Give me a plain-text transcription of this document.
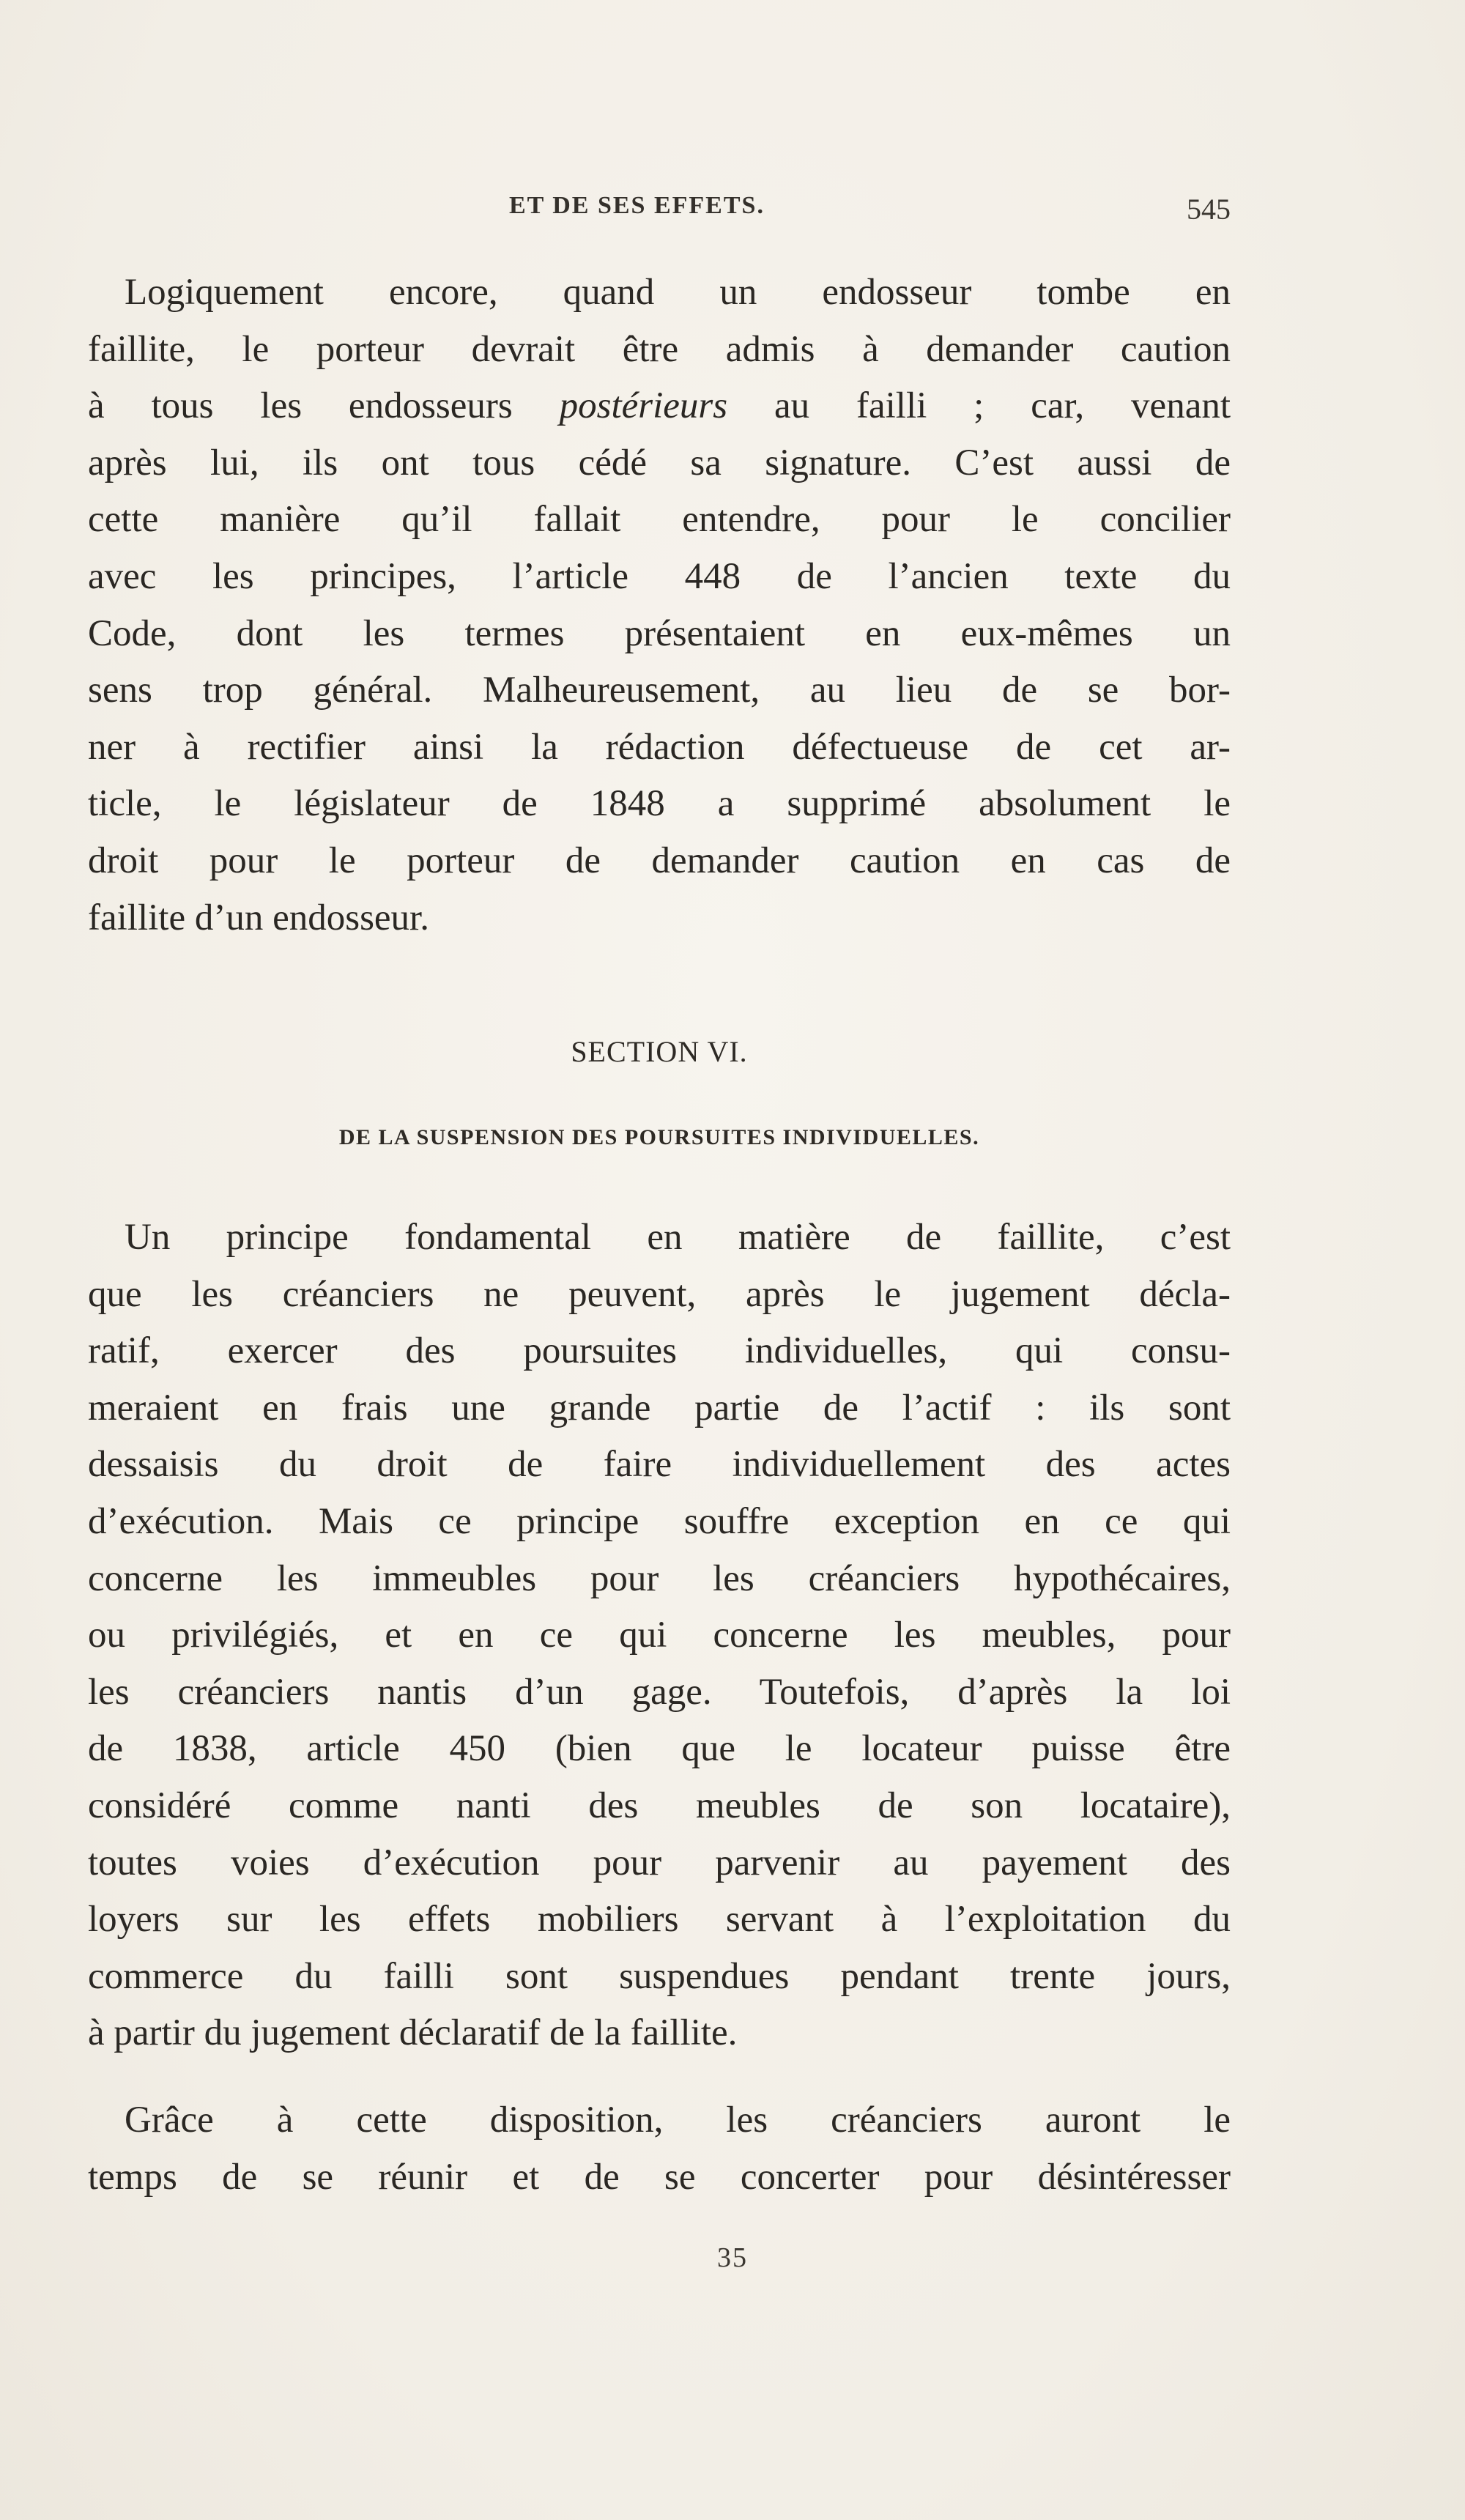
ET DE SES EFFETS.	545
Logiquement encore, quand un endosseur tombe en
faillite, le porteur devrait être admis à demander caution
à tous les endosseurs postérieurs au failli ; car, venant
après lui, ils ont tous cédé sa signature. C’est aussi de
cette manière qu’il fallait entendre, pour le concilier
avec les principes, l’article 448 de l’ancien texte du
Code, dont les termes présentaient en eux-mêmes un
sens trop général. Malheureusement, au lieu de se bor-
ner à rectifier ainsi la rédaction défectueuse de cet ar-
ticle, le législateur de 1848 a supprimé absolument le
droit pour le porteur de demander caution en cas de
faillite d’un endosseur.
SECTION VI.
DE LA SUSPENSION DES POURSUITES INDIVIDUELLES.
Un principe fondamental en matière de faillite, c’est
que les créanciers ne peuvent, après le jugement décla-
ratif, exercer des poursuites individuelles, qui consu-
meraient en frais une grande partie de l’actif : ils sont
dessaisis du droit de faire individuellement des actes
d’exécution. Mais ce principe souffre exception en ce qui
concerne les immeubles pour les créanciers hypothécaires,
ou privilégiés, et en ce qui concerne les meubles, pour
les créanciers nantis d’un gage. Toutefois, d’après la loi
de 1838, article 450 (bien que le locateur puisse être
considéré comme nanti des meubles de son locataire),
toutes voies d’exécution pour parvenir au payement des
loyers sur les effets mobiliers servant à l’exploitation du
commerce du failli sont suspendues pendant trente jours,
à partir du jugement déclaratif de la faillite.
Grâce à cette disposition, les créanciers auront le
temps de se réunir et de se concerter pour désintéresser
35
